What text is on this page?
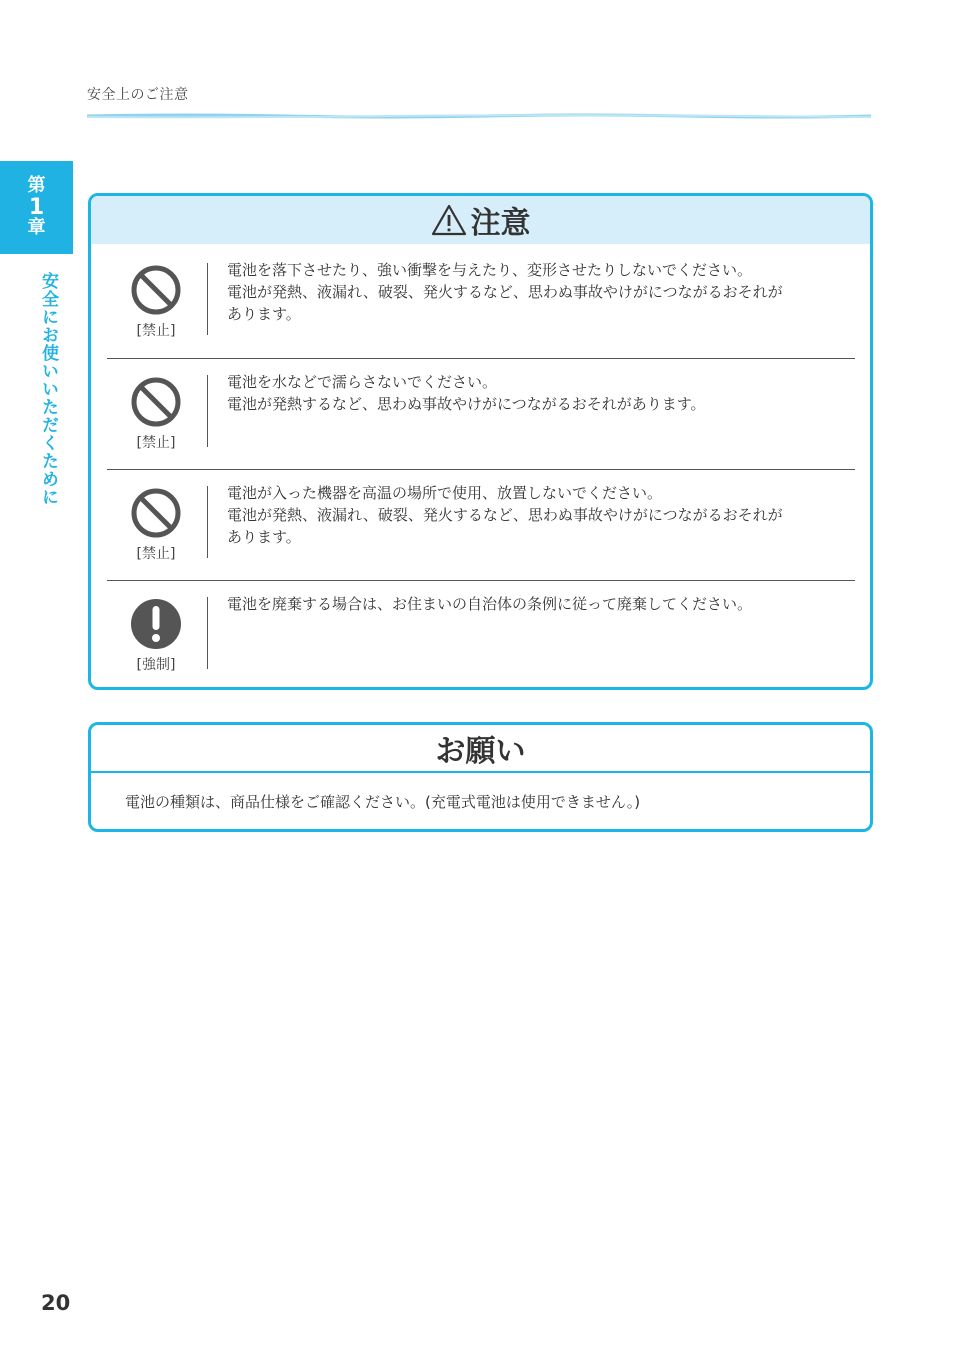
安全上のご注意
第
1
章
安全にお使いいただくために
注意
[禁止]
電池を落下させたり、強い衝撃を与えたり、変形させたりしないでください。
電池が発熱、液漏れ、破裂、発火するなど、思わぬ事故やけがにつながるおそれが
あります。
[禁止]
電池を水などで濡らさないでください。
電池が発熱するなど、思わぬ事故やけがにつながるおそれがあります。
[禁止]
電池が入った機器を高温の場所で使用、放置しないでください。
電池が発熱、液漏れ、破裂、発火するなど、思わぬ事故やけがにつながるおそれが
あります。
[強制]
電池を廃棄する場合は、お住まいの自治体の条例に従って廃棄してください。
お願い
電池の種類は、商品仕様をご確認ください。(充電式電池は使用できません。)
20
